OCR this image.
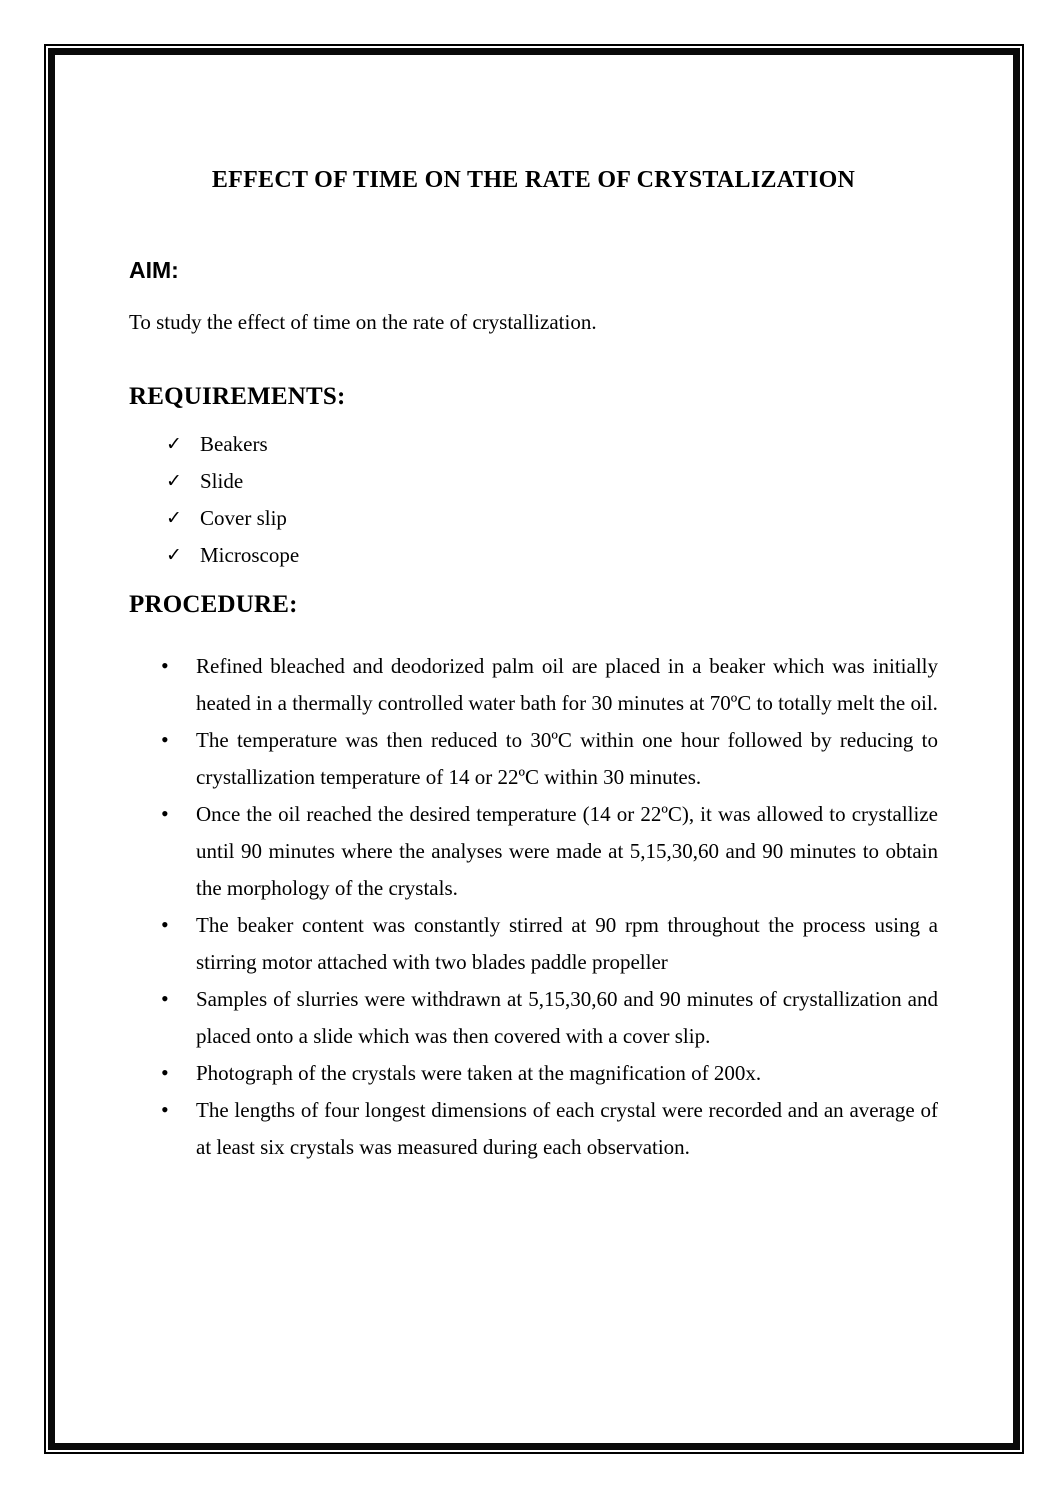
EFFECT OF TIME ON THE RATE OF CRYSTALIZATION
AIM:
To study the effect of time on the rate of crystallization.
REQUIREMENTS:
✓ Beakers
✓ Slide
✓ Cover slip
✓ Microscope
PROCEDURE:
• Refined bleached and deodorized palm oil are placed in a beaker which was initially heated in a thermally controlled water bath for 30 minutes at 70ºC to totally melt the oil.
• The temperature was then reduced to 30ºC within one hour followed by reducing to crystallization temperature of 14 or 22ºC within 30 minutes.
• Once the oil reached the desired temperature (14 or 22ºC), it was allowed to crystallize until 90 minutes where the analyses were made at 5,15,30,60 and 90 minutes to obtain the morphology of the crystals.
• The beaker content was constantly stirred at 90 rpm throughout the process using a stirring motor attached with two blades paddle propeller
• Samples of slurries were withdrawn at 5,15,30,60 and 90 minutes of crystallization and placed onto a slide which was then covered with a cover slip.
• Photograph of the crystals were taken at the magnification of 200x.
• The lengths of four longest dimensions of each crystal were recorded and an average of at least six crystals was measured during each observation.
